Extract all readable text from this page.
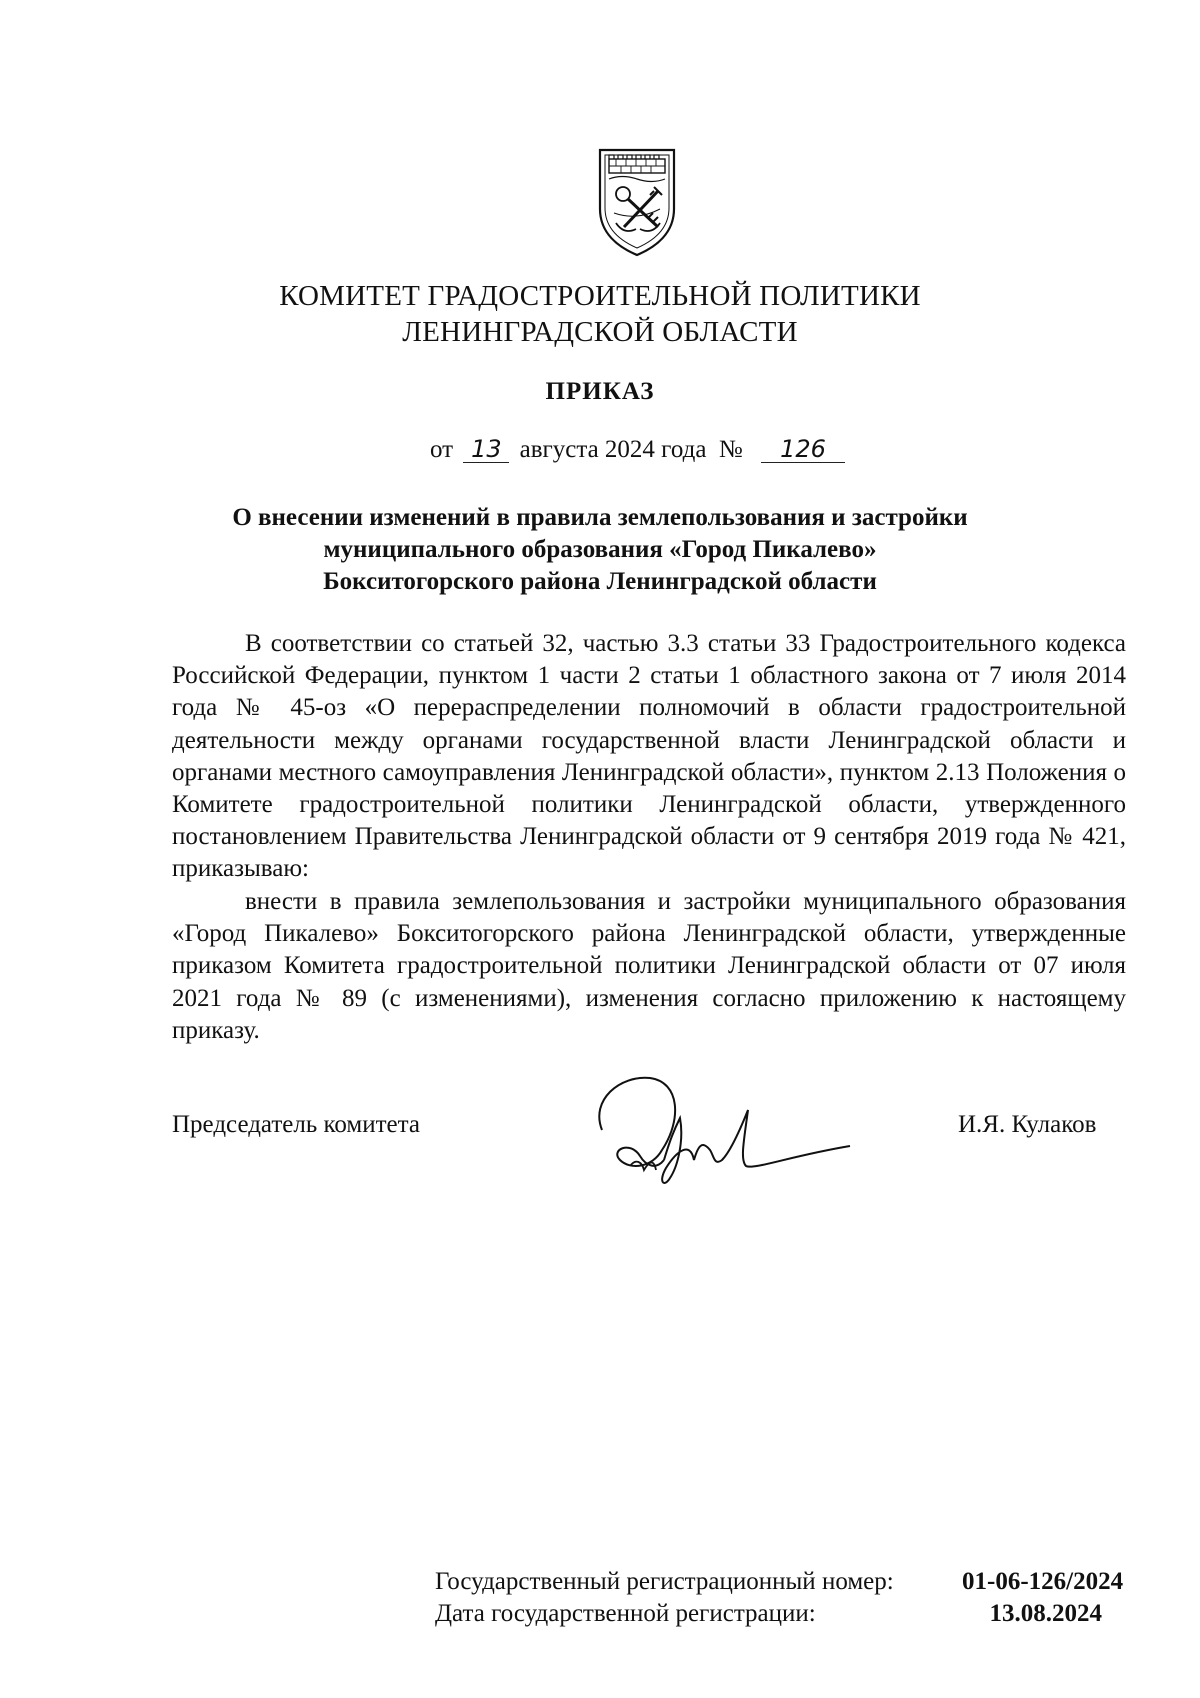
КОМИТЕТ ГРАДОСТРОИТЕЛЬНОЙ ПОЛИТИКИ
ЛЕНИНГРАДСКОЙ ОБЛАСТИ
ПРИКАЗ
от 13 августа 2024 года № 126
О внесении изменений в правила землепользования и застройки
муниципального образования «Город Пикалево»
Бокситогорского района Ленинградской области
В соответствии со статьей 32, частью 3.3 статьи 33 Градостроительного кодекса Российской Федерации, пунктом 1 части 2 статьи 1 областного закона от 7 июля 2014 года № 45-оз «О перераспределении полномочий в области градостроительной деятельности между органами государственной власти Ленинградской области и органами местного самоуправления Ленинградской области», пунктом 2.13 Положения о Комитете градостроительной политики Ленинградской области, утвержденного постановлением Правительства Ленинградской области от 9 сентября 2019 года № 421, приказываю:
внести в правила землепользования и застройки муниципального образования «Город Пикалево» Бокситогорского района Ленинградской области, утвержденные приказом Комитета градостроительной политики Ленинградской области от 07 июля 2021 года № 89 (с изменениями), изменения согласно приложению к настоящему приказу.
Председатель комитета	И.Я. Кулаков
Государственный регистрационный номер:	01-06-126/2024
Дата государственной регистрации:	13.08.2024
